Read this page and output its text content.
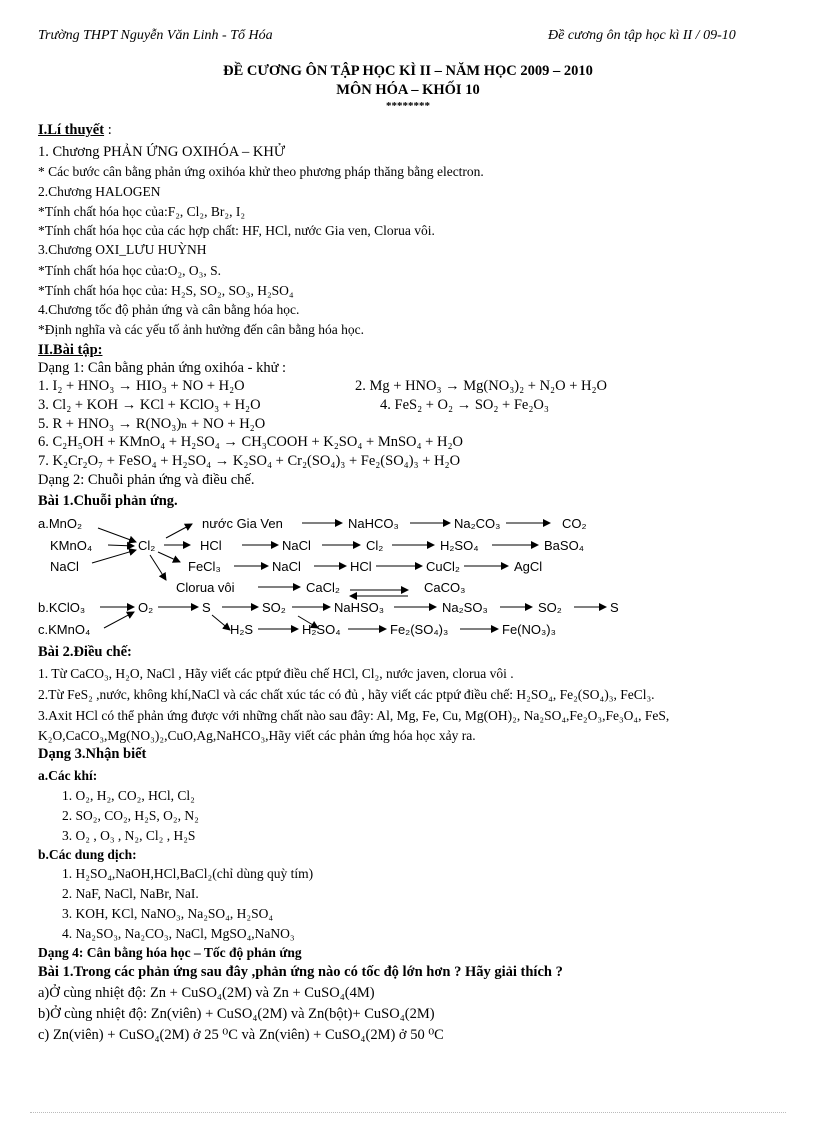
Trường THPT Nguyễn Văn Linh - Tổ Hóa	Đề cương ôn tập học kì II / 09-10
ĐỀ CƯƠNG ÔN TẬP HỌC KÌ II – NĂM HỌC 2009 – 2010
MÔN HÓA – KHỐI 10
********
I.Lí thuyết :
1. Chương PHẢN ỨNG OXIHÓA – KHỬ
* Các bước cân bằng phản ứng oxihóa khử theo phương pháp thăng bằng electron.
2.Chương HALOGEN
*Tính chất hóa học của:F₂, Cl₂, Br₂, I₂
*Tính chất hóa học của các hợp chất: HF, HCl, nước Gia ven, Clorua vôi.
3.Chương OXI_LƯU HUỲNH
*Tính chất hóa học của:O₂, O₃, S.
*Tính chất hóa học của: H₂S, SO₂, SO₃, H₂SO₄
4.Chương tốc độ phản ứng và cân bằng hóa học.
*Định nghĩa và các yếu tố ảnh hưởng đến cân bằng hóa học.
II.Bài tập:
Dạng 1: Cân bằng phản ứng oxihóa - khử :
1. I₂ + HNO₃ → HIO₃ + NO + H₂O	2. Mg + HNO₃ → Mg(NO₃)₂ + N₂O + H₂O
3. Cl₂ + KOH → KCl + KClO₃ + H₂O	4. FeS₂ + O₂ → SO₂ + Fe₂O₃
5. R + HNO₃ → R(NO₃)ₙ + NO + H₂O
6. C₂H₅OH + KMnO₄ + H₂SO₄ → CH₃COOH + K₂SO₄ + MnSO₄ + H₂O
7. K₂Cr₂O₇ + FeSO₄ + H₂SO₄ → K₂SO₄ + Cr₂(SO₄)₃ + Fe₂(SO₄)₃ + H₂O
Dạng 2: Chuỗi phản ứng và điều chế.
Bài 1.Chuỗi phản ứng.
a.MnO₂
KMnO₄
NaCl
Cl₂
nước Gia Ven	NaHCO₃	Na₂CO₃	CO₂
HCl	NaCl	Cl₂	H₂SO₄	BaSO₄
FeCl₃	NaCl	HCl	CuCl₂	AgCl
Clorua vôi	CaCl₂	CaCO₃
b.KClO₃	O₂	S	SO₂	NaHSO₃	Na₂SO₃	SO₂	S
c.KMnO₄	H₂S	H₂SO₄	Fe₂(SO₄)₃	Fe(NO₃)₃
Bài 2.Điều chế:
1. Từ CaCO₃, H₂O, NaCl , Hãy viết các ptpứ điều chế HCl, Cl₂, nước javen, clorua vôi .
2.Từ FeS₂ ,nước, không khí,NaCl và các chất xúc tác có đủ , hãy viết các ptpứ điều chế: H₂SO₄, Fe₂(SO₄)₃, FeCl₃.
3.Axit HCl có thể phản ứng được với những chất nào sau đây: Al, Mg, Fe, Cu, Mg(OH)₂, Na₂SO₄,Fe₂O₃,Fe₃O₄, FeS,
K₂O,CaCO₃,Mg(NO₃)₂,CuO,Ag,NaHCO₃,Hãy viết các phản ứng hóa học xảy ra.
Dạng 3.Nhận biết
a.Các khí:
1. O₂, H₂, CO₂, HCl, Cl₂
2. SO₂, CO₂, H₂S, O₂, N₂
3. O₂ , O₃ , N₂, Cl₂ , H₂S
b.Các dung dịch:
1. H₂SO₄,NaOH,HCl,BaCl₂(chỉ dùng quỳ tím)
2. NaF, NaCl, NaBr, NaI.
3. KOH, KCl, NaNO₃, Na₂SO₄, H₂SO₄
4. Na₂SO₃, Na₂CO₃, NaCl, MgSO₄,NaNO₃
Dạng 4: Cân bằng hóa học – Tốc độ phản ứng
Bài 1.Trong các phản ứng sau đây ,phản ứng nào có tốc độ lớn hơn ? Hãy giải thích ?
a)Ở cùng nhiệt độ: Zn + CuSO₄(2M) và Zn + CuSO₄(4M)
b)Ở cùng nhiệt độ: Zn(viên) + CuSO₄(2M) và Zn(bột)+ CuSO₄(2M)
c) Zn(viên) + CuSO₄(2M) ở 25 ⁰C và Zn(viên) + CuSO₄(2M) ở 50 ⁰C
